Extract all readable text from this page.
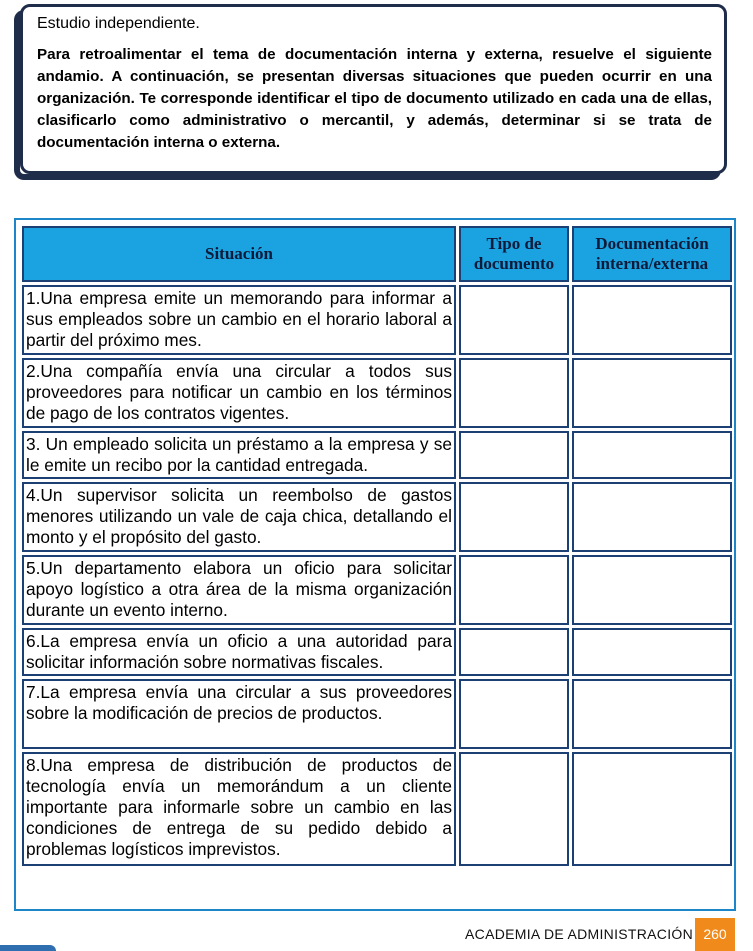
Estudio independiente.

Para retroalimentar el tema de documentación interna y externa, resuelve el siguiente andamio. A continuación, se presentan diversas situaciones que pueden ocurrir en una organización. Te corresponde identificar el tipo de documento utilizado en cada una de ellas, clasificarlo como administrativo o mercantil, y además, determinar si se trata de documentación interna o externa.

Situación	Tipo de documento	Documentación interna/externa
1.Una empresa emite un memorando para informar a sus empleados sobre un cambio en el horario laboral a partir del próximo mes.		
2.Una compañía envía una circular a todos sus proveedores para notificar un cambio en los términos de pago de los contratos vigentes.		
3. Un empleado solicita un préstamo a la empresa y se le emite un recibo por la cantidad entregada.		
4.Un supervisor solicita un reembolso de gastos menores utilizando un vale de caja chica, detallando el monto y el propósito del gasto.		
5.Un departamento elabora un oficio para solicitar apoyo logístico a otra área de la misma organización durante un evento interno.		
6.La empresa envía un oficio a una autoridad para solicitar información sobre normativas fiscales.		
7.La empresa envía una circular a sus proveedores sobre la modificación de precios de productos.		
8.Una empresa de distribución de productos de tecnología envía un memorándum a un cliente importante para informarle sobre un cambio en las condiciones de entrega de su pedido debido a problemas logísticos imprevistos.		
ACADEMIA DE ADMINISTRACIÓN 260
